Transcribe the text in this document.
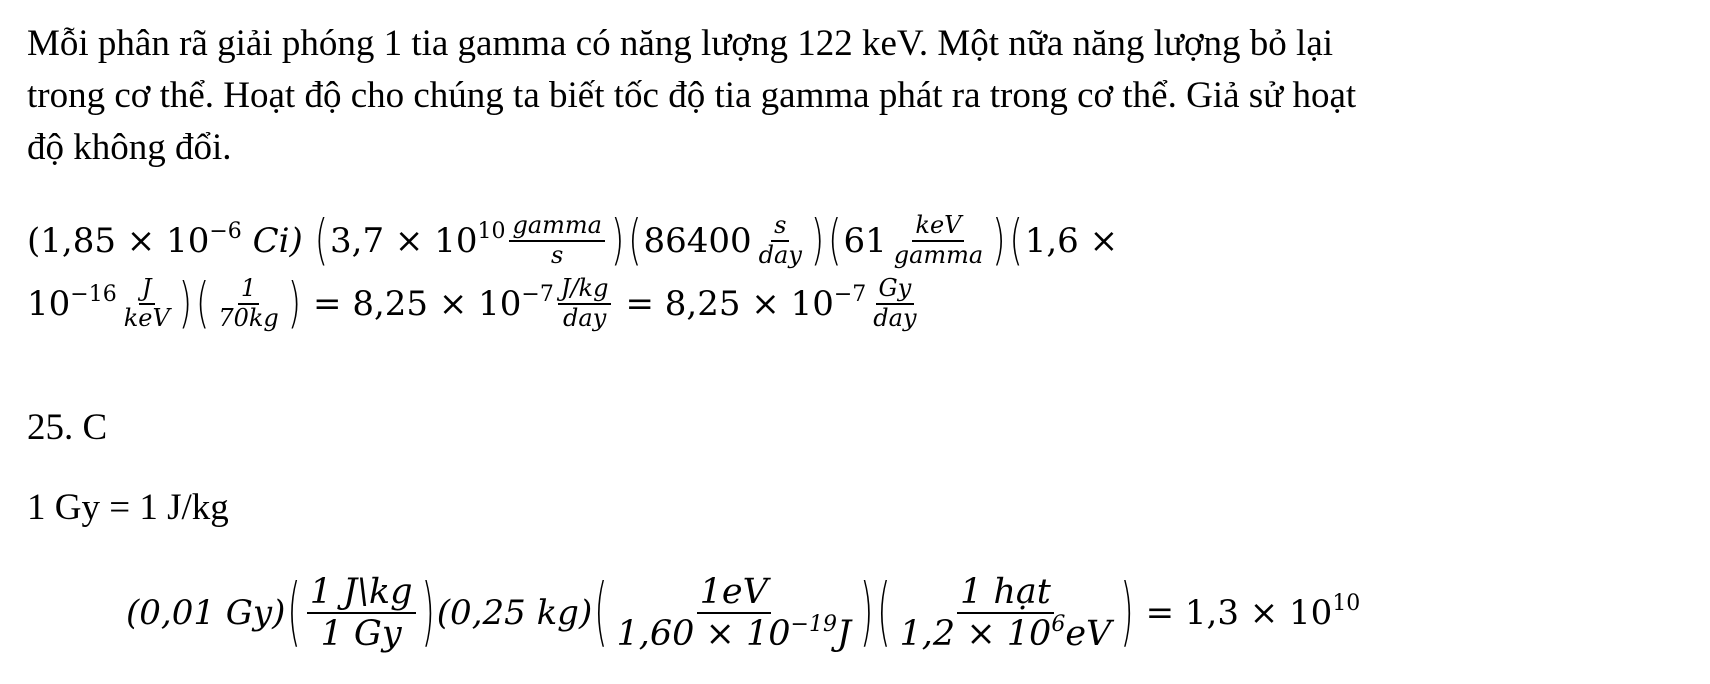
Mỗi phân rã giải phóng 1 tia gamma có năng lượng 122 keV. Một nữa năng lượng bỏ lại
trong cơ thể. Hoạt độ cho chúng ta biết tốc độ tia gamma phát ra trong cơ thể. Giả sử hoạt
độ không đổi.
($1,85 \times 10^{-6}$ Ci) ( $3,7 \times 10^{10} \frac{\text{gamma}}{s}$ ) ( $86400 \frac{s}{\text{day}}$ ) ( $61 \frac{\text{keV}}{\text{gamma}}$ ) ( 1,6 ×
$10^{-16} \frac{J}{\text{keV}}$ ) ( $\frac{1}{70kg}$ ) = $8,25 \times 10^{-7} \frac{J/kg}{\text{day}} = 8,25 \times 10^{-7} \frac{Gy}{\text{day}}$
25. C
1 Gy = 1 J/kg
(0,01 Gy) ( $\frac{1 J\backslash kg}{1 Gy}$ ) (0,25 kg) ( $\frac{1eV}{1,60 \times 10^{-19}J}$ ) ( $\frac{\text{1 hạt}}{1,2 \times 10^6eV}$ ) = $1,3 \times 10^{10}$
